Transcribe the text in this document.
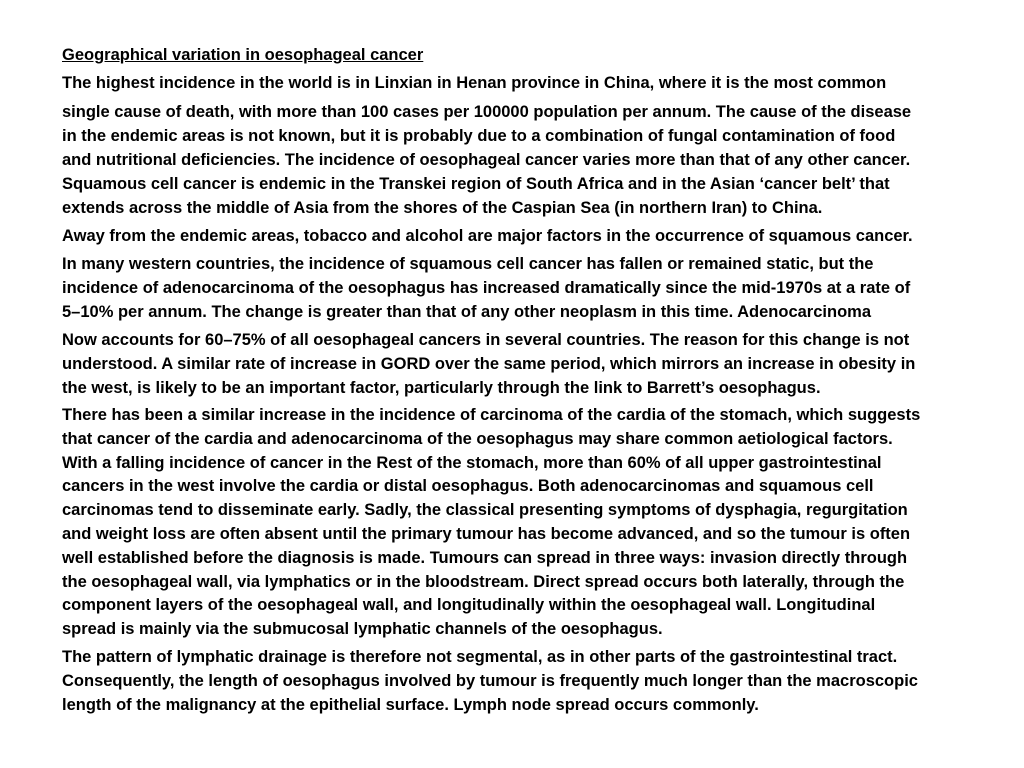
Geographical variation in oesophageal cancer

The highest incidence in the world is in Linxian in Henan province in China, where it is the most common
single cause of death, with more than 100 cases per 100000 population per annum. The cause of the disease
in the endemic areas is not known, but it is probably due to a combination of fungal contamination of food
and nutritional deficiencies. The incidence of oesophageal cancer varies more than that of any other cancer.
Squamous cell cancer is endemic in the Transkei region of South Africa and in the Asian ‘cancer belt’ that
extends across the middle of Asia from the shores of the Caspian Sea (in northern Iran) to China.

Away from the endemic areas, tobacco and alcohol are major factors in the occurrence of squamous cancer.

In many western countries, the incidence of squamous cell cancer has fallen or remained static, but the
incidence of adenocarcinoma of the oesophagus has increased dramatically since the mid-1970s at a rate of
5–10% per annum. The change is greater than that of any other neoplasm in this time. Adenocarcinoma

Now accounts for 60–75% of all oesophageal cancers in several countries. The reason for this change is not
understood. A similar rate of increase in GORD over the same period, which mirrors an increase in obesity in
the west, is likely to be an important factor, particularly through the link to Barrett’s oesophagus.

There has been a similar increase in the incidence of carcinoma of the cardia of the stomach, which suggests
that cancer of the cardia and adenocarcinoma of the oesophagus may share common aetiological factors.
With a falling incidence of cancer in the Rest of the stomach, more than 60% of all upper gastrointestinal
cancers in the west involve the cardia or distal oesophagus. Both adenocarcinomas and squamous cell
carcinomas tend to disseminate early. Sadly, the classical presenting symptoms of dysphagia, regurgitation
and weight loss are often absent until the primary tumour has become advanced, and so the tumour is often
well established before the diagnosis is made. Tumours can spread in three ways: invasion directly through
the oesophageal wall, via lymphatics or in the bloodstream. Direct spread occurs both laterally, through the
component layers of the oesophageal wall, and longitudinally within the oesophageal wall. Longitudinal
spread is mainly via the submucosal lymphatic channels of the oesophagus.

The pattern of lymphatic drainage is therefore not segmental, as in other parts of the gastrointestinal tract.
Consequently, the length of oesophagus involved by tumour is frequently much longer than the macroscopic
length of the malignancy at the epithelial surface. Lymph node spread occurs commonly.
